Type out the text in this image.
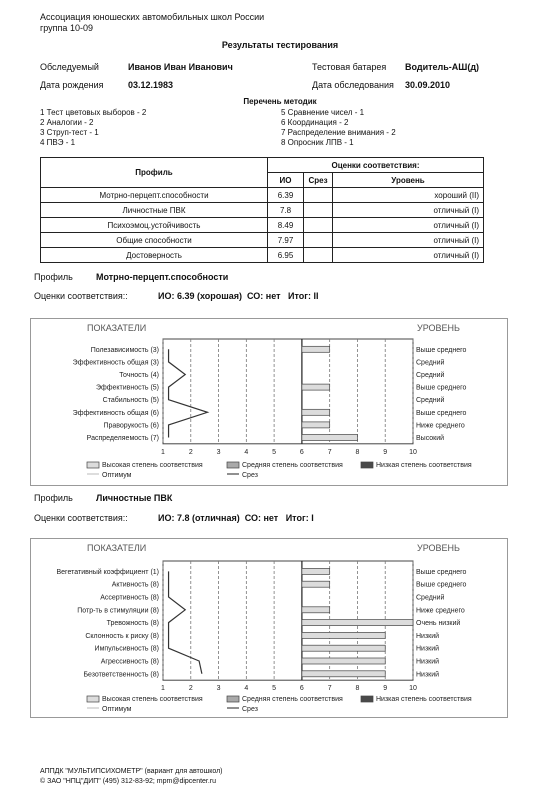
Ассоциация юношеских автомобильных школ России
группа 10-09
Результаты тестирования
Обследуемый	Иванов Иван Иванович	Тестовая батарея Водитель-АШ(д)
Дата рождения	03.12.1983	Дата обследования 30.09.2010
Перечень методик
1 Тест цветовых выборов - 2
2 Аналогии - 2
3 Струп-тест - 1
4 ПВЭ - 1
5 Сравнение чисел - 1
6 Координация - 2
7 Распределение внимания - 2
8 Опросник ЛПВ - 1
Профиль	Оценки соответствия:		
	ИО	Срез	Уровень
Мотрно-перцепт.способности	6.39		хороший (II)
Личностные ПВК	7.8		отличный (I)
Психоэмоц.устойчивость	8.49		отличный (I)
Общие способности	7.97		отличный (I)
Достоверность	6.95		отличный (I)
Профиль	Мотрно-перцепт.способности
Оценки соответствия::	ИО: 6.39 (хорошая)  СО: нет   Итог: II
ПОКАЗАТЕЛИ	УРОВЕНЬ
1	2	3	4	5	6	7	8	9	10
Полезависимость (3)	Выше среднего
Эффективность общая (3)	Средний
Точность (4)	Средний
Эффективность (5)	Выше среднего
Стабильность (5)	Средний
Эффективность общая (6)	Выше среднего
Праворукость (6)	Ниже среднего
Распределяемость (7)	Высокий
Высокая степень соответствия	Средняя степень соответствия	Низкая степень соответствия
Оптимум	Срез
Профиль	Личностные ПВК
Оценки соответствия::	ИО: 7.8 (отличная)  СО: нет   Итог: I
ПОКАЗАТЕЛИ	УРОВЕНЬ
1	2	3	4	5	6	7	8	9	10
Вегетативный коэффициент (1)	Выше среднего
Активность (8)	Выше среднего
Ассертивность (8)	Средний
Потр-ть в стимуляции (8)	Ниже среднего
Тревожность (8)	Очень низкий
Склонность к риску (8)	Низкий
Импульсивность (8)	Низкий
Агрессивность (8)	Низкий
Безответственность (8)	Низкий
Высокая степень соответствия	Средняя степень соответствия	Низкая степень соответствия
Оптимум	Срез
АППДК "МУЛЬТИПСИХОМЕТР" (вариант для автошкол)
© ЗАО "НПЦ"ДИП" (495) 312-83-92; mpm@dipcenter.ru
